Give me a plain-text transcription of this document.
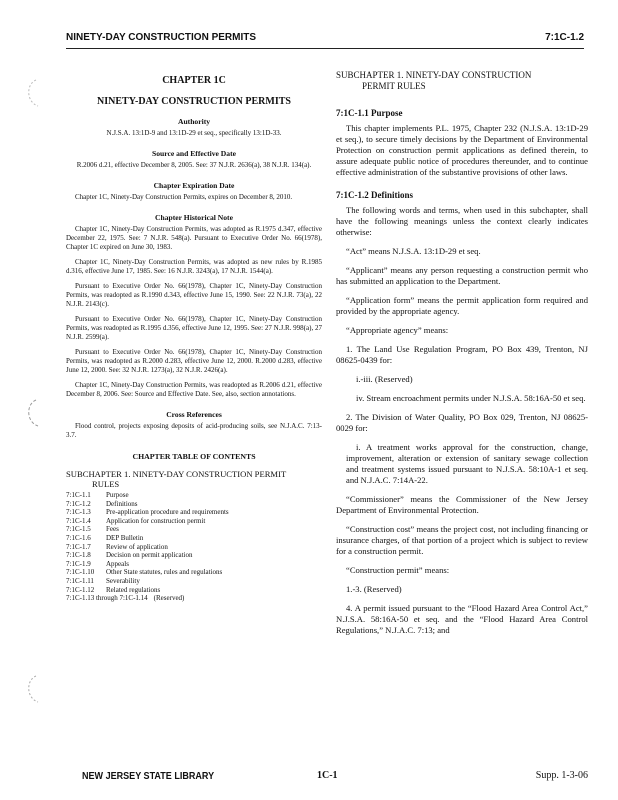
NINETY-DAY CONSTRUCTION PERMITS	7:1C-1.2
CHAPTER 1C
NINETY-DAY CONSTRUCTION PERMITS
Authority

N.J.S.A. 13:1D-9 and 13:1D-29 et seq., specifically 13:1D-33.

Source and Effective Date

R.2006 d.21, effective December 8, 2005. See: 37 N.J.R. 2636(a), 38 N.J.R. 134(a).

Chapter Expiration Date

Chapter 1C, Ninety-Day Construction Permits, expires on December 8, 2010.

Chapter Historical Note

Chapter 1C, Ninety-Day Construction Permits, was adopted as R.1975 d.347, effective December 22, 1975. See: 7 N.J.R. 548(a). Pursuant to Executive Order No. 66(1978), Chapter 1C expired on June 30, 1983.

Chapter 1C, Ninety-Day Construction Permits, was adopted as new rules by R.1985 d.316, effective June 17, 1985. See: 16 N.J.R. 3243(a), 17 N.J.R. 1544(a).

Pursuant to Executive Order No. 66(1978), Chapter 1C, Ninety-Day Construction Permits, was readopted as R.1990 d.343, effective June 15, 1990. See: 22 N.J.R. 73(a), 22 N.J.R. 2143(c).

Pursuant to Executive Order No. 66(1978), Chapter 1C, Ninety-Day Construction Permits, was readopted as R.1995 d.356, effective June 12, 1995. See: 27 N.J.R. 998(a), 27 N.J.R. 2599(a).

Pursuant to Executive Order No. 66(1978), Chapter 1C, Ninety-Day Construction Permits, was readopted as R.2000 d.283, effective June 12, 2000. R.2000 d.283, effective June 12, 2000. See: 32 N.J.R. 1273(a), 32 N.J.R. 2426(a).

Chapter 1C, Ninety-Day Construction Permits, was readopted as R.2006 d.21, effective December 8, 2006. See: Source and Effective Date. See, also, section annotations.

Cross References

Flood control, projects exposing deposits of acid-producing soils, see N.J.A.C. 7:13-3.7.

CHAPTER TABLE OF CONTENTS
SUBCHAPTER 1. NINETY-DAY CONSTRUCTION PERMIT
RULES
7:1C-1.1	Purpose
7:1C-1.2	Definitions
7:1C-1.3	Pre-application procedure and requirements
7:1C-1.4	Application for construction permit
7:1C-1.5	Fees
7:1C-1.6	DEP Bulletin
7:1C-1.7	Review of application
7:1C-1.8	Decision on permit application
7:1C-1.9	Appeals
7:1C-1.10	Other State statutes, rules and regulations
7:1C-1.11	Severability
7:1C-1.12	Related regulations
7:1C-1.13 through 7:1C-1.14 (Reserved)
SUBCHAPTER 1. NINETY-DAY CONSTRUCTION
PERMIT RULES
7:1C-1.1 Purpose

This chapter implements P.L. 1975, Chapter 232 (N.J.S.A. 13:1D-29 et seq.), to secure timely decisions by the Department of Environmental Protection on construction permit applications as defined therein, to assure adequate public notice of procedures thereunder, and to continue effective administration of the substantive provisions of other laws.

7:1C-1.2 Definitions

The following words and terms, when used in this subchapter, shall have the following meanings unless the context clearly indicates otherwise:

“Act” means N.J.S.A. 13:1D-29 et seq.

“Applicant” means any person requesting a construction permit who has submitted an application to the Department.

“Application form” means the permit application form required and provided by the appropriate agency.

“Appropriate agency” means:

1. The Land Use Regulation Program, PO Box 439, Trenton, NJ 08625-0439 for:

i.-iii. (Reserved)

iv. Stream encroachment permits under N.J.S.A. 58:16A-50 et seq.

2. The Division of Water Quality, PO Box 029, Trenton, NJ 08625-0029 for:

i. A treatment works approval for the construction, change, improvement, alteration or extension of sanitary sewage collection and treatment systems issued pursuant to N.J.S.A. 58:10A-1 et seq. and N.J.A.C. 7:14A-22.

“Commissioner” means the Commissioner of the New Jersey Department of Environmental Protection.

“Construction cost” means the project cost, not including financing or insurance charges, of that portion of a project which is subject to review for a construction permit.

“Construction permit” means:

1.-3. (Reserved)

4. A permit issued pursuant to the “Flood Hazard Area Control Act,” N.J.S.A. 58:16A-50 et seq. and the “Flood Hazard Area Control Regulations,” N.J.A.C. 7:13; and

NEW JERSEY STATE LIBRARY	1C-1	Supp. 1-3-06
